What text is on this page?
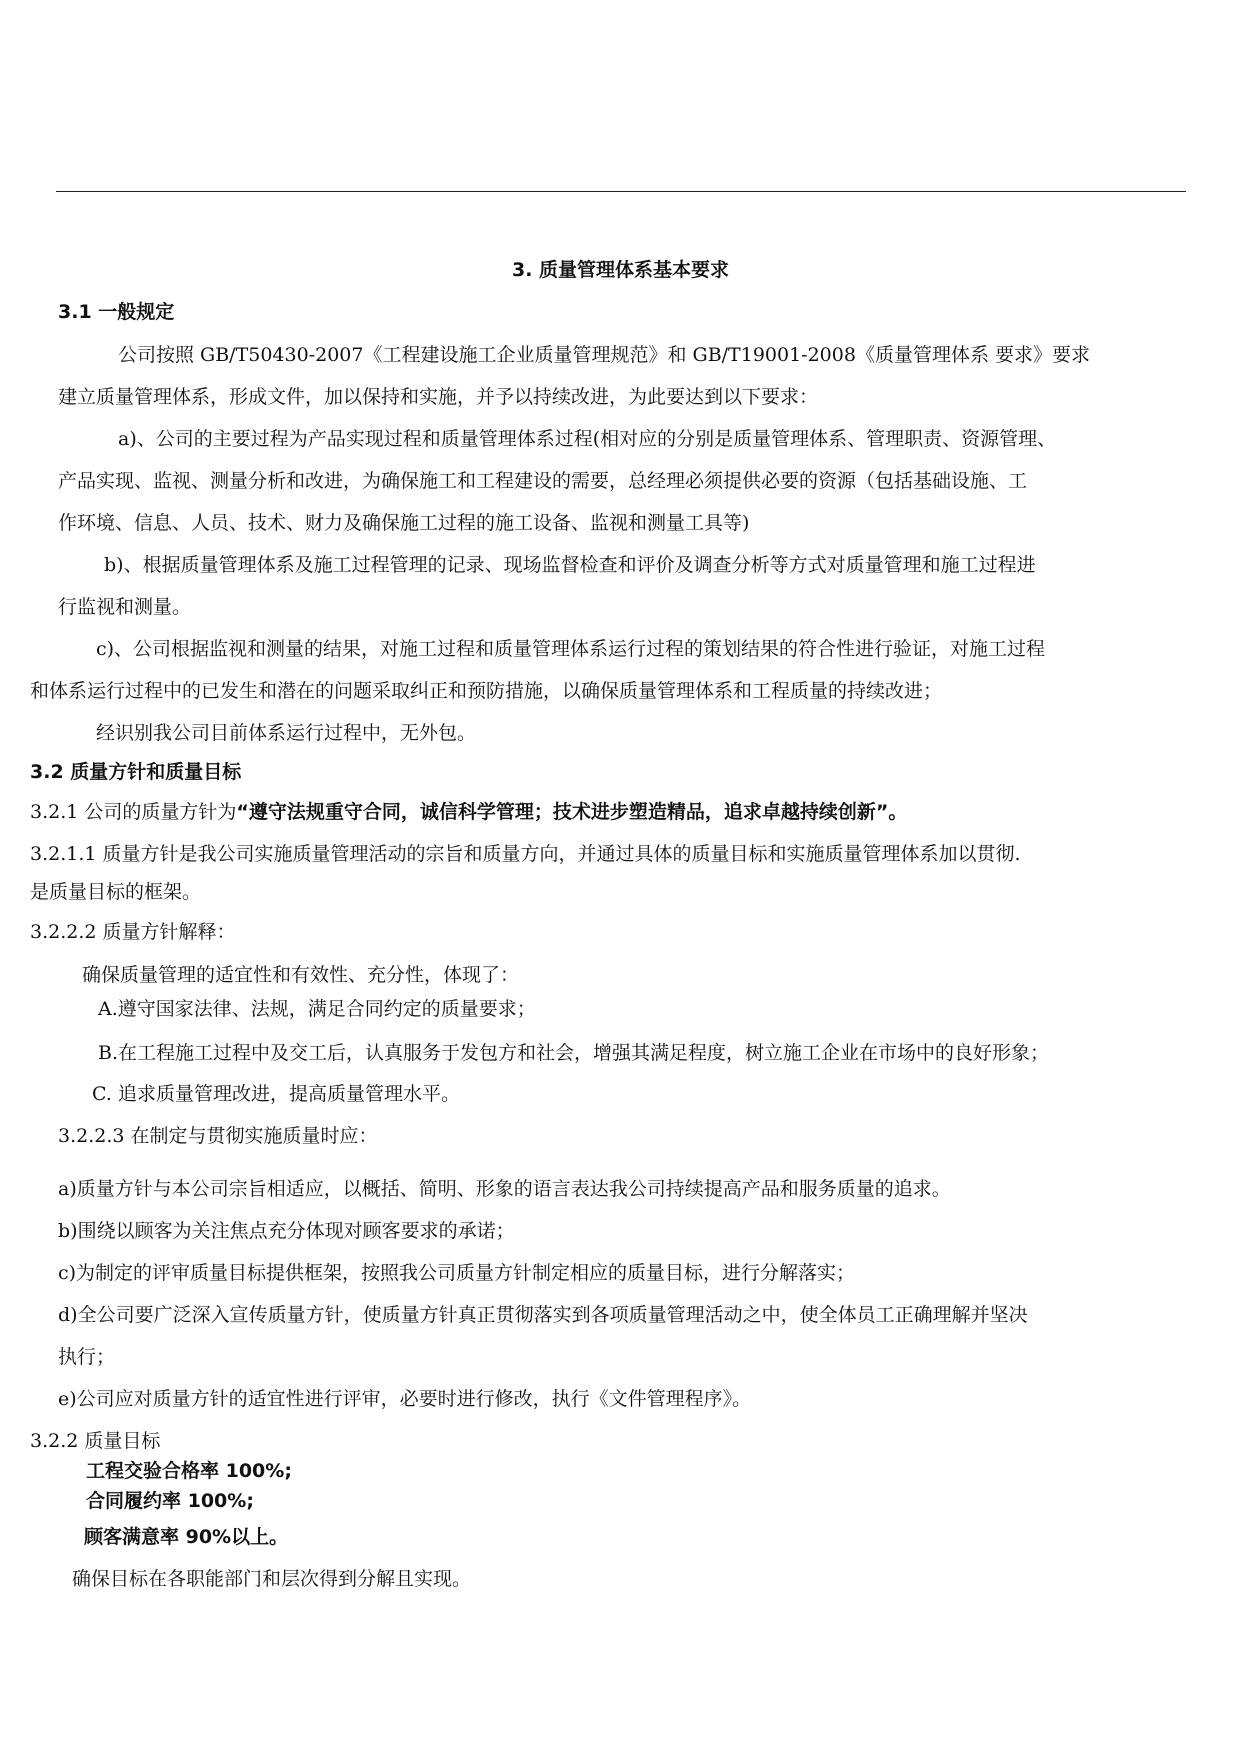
3. 质量管理体系基本要求
3.1 一般规定
公司按照 GB/T50430-2007《工程建设施工企业质量管理规范》和 GB/T19001-2008《质量管理体系 要求》要求
建立质量管理体系，形成文件，加以保持和实施，并予以持续改进，为此要达到以下要求：
a)、公司的主要过程为产品实现过程和质量管理体系过程(相对应的分别是质量管理体系、管理职责、资源管理、
产品实现、监视、测量分析和改进，为确保施工和工程建设的需要，总经理必须提供必要的资源（包括基础设施、工
作环境、信息、人员、技术、财力及确保施工过程的施工设备、监视和测量工具等)
b)、根据质量管理体系及施工过程管理的记录、现场监督检查和评价及调查分析等方式对质量管理和施工过程进
行监视和测量。
c)、公司根据监视和测量的结果，对施工过程和质量管理体系运行过程的策划结果的符合性进行验证，对施工过程
和体系运行过程中的已发生和潜在的问题采取纠正和预防措施，以确保质量管理体系和工程质量的持续改进；
经识别我公司目前体系运行过程中，无外包。
3.2 质量方针和质量目标
3.2.1 公司的质量方针为“遵守法规重守合同，诚信科学管理；技术进步塑造精品，追求卓越持续创新”。
3.2.1.1 质量方针是我公司实施质量管理活动的宗旨和质量方向，并通过具体的质量目标和实施质量管理体系加以贯彻.
是质量目标的框架。
3.2.2.2 质量方针解释：
确保质量管理的适宜性和有效性、充分性，体现了：
A.遵守国家法律、法规，满足合同约定的质量要求；
B.在工程施工过程中及交工后，认真服务于发包方和社会，增强其满足程度，树立施工企业在市场中的良好形象；
C. 追求质量管理改进，提高质量管理水平。
3.2.2.3 在制定与贯彻实施质量时应：
a)质量方针与本公司宗旨相适应，以概括、简明、形象的语言表达我公司持续提高产品和服务质量的追求。
b)围绕以顾客为关注焦点充分体现对顾客要求的承诺；
c)为制定的评审质量目标提供框架，按照我公司质量方针制定相应的质量目标，进行分解落实；
d)全公司要广泛深入宣传质量方针，使质量方针真正贯彻落实到各项质量管理活动之中，使全体员工正确理解并坚决
执行；
e)公司应对质量方针的适宜性进行评审，必要时进行修改，执行《文件管理程序》。
3.2.2 质量目标
工程交验合格率 100%;
合同履约率 100%;
顾客满意率 90%以上。
确保目标在各职能部门和层次得到分解且实现。
